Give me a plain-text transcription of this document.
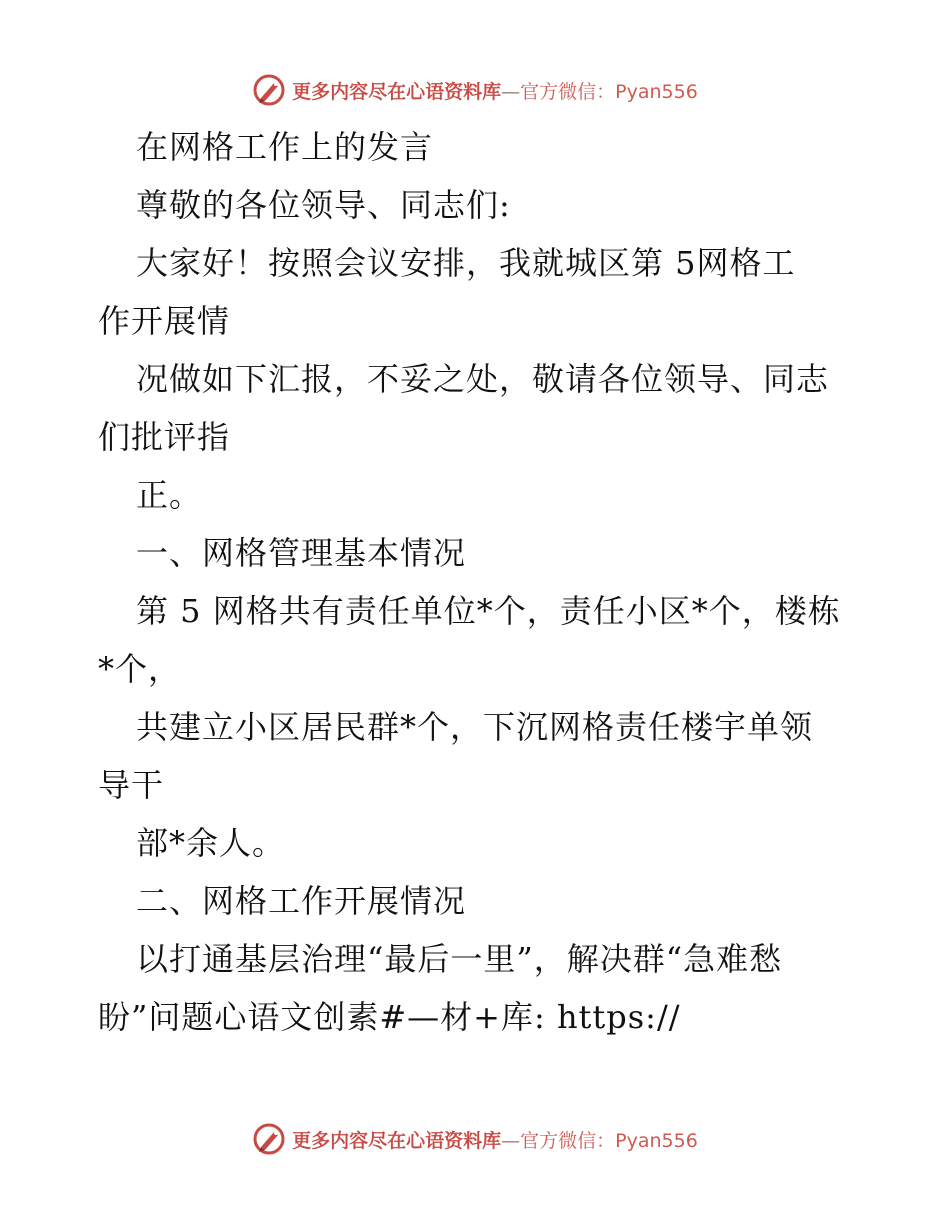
更多内容尽在心语资料库—官方微信：Pyan556
在网格工作上的发言
尊敬的各位领导、同志们:
大家好！按照会议安排，我就城区第 5网格工
作开展情
况做如下汇报，不妥之处，敬请各位领导、同志
们批评指
正。
一、网格管理基本情况
第 5 网格共有责任单位*个，责任小区*个，楼栋
*个，
共建立小区居民群*个，下沉网格责任楼宇单领
导干
部*余人。
二、网格工作开展情况
以打通基层治理“最后一里”，解决群“急难愁
盼”问题心语文创素#—材+库: https://
更多内容尽在心语资料库—官方微信：Pyan556
